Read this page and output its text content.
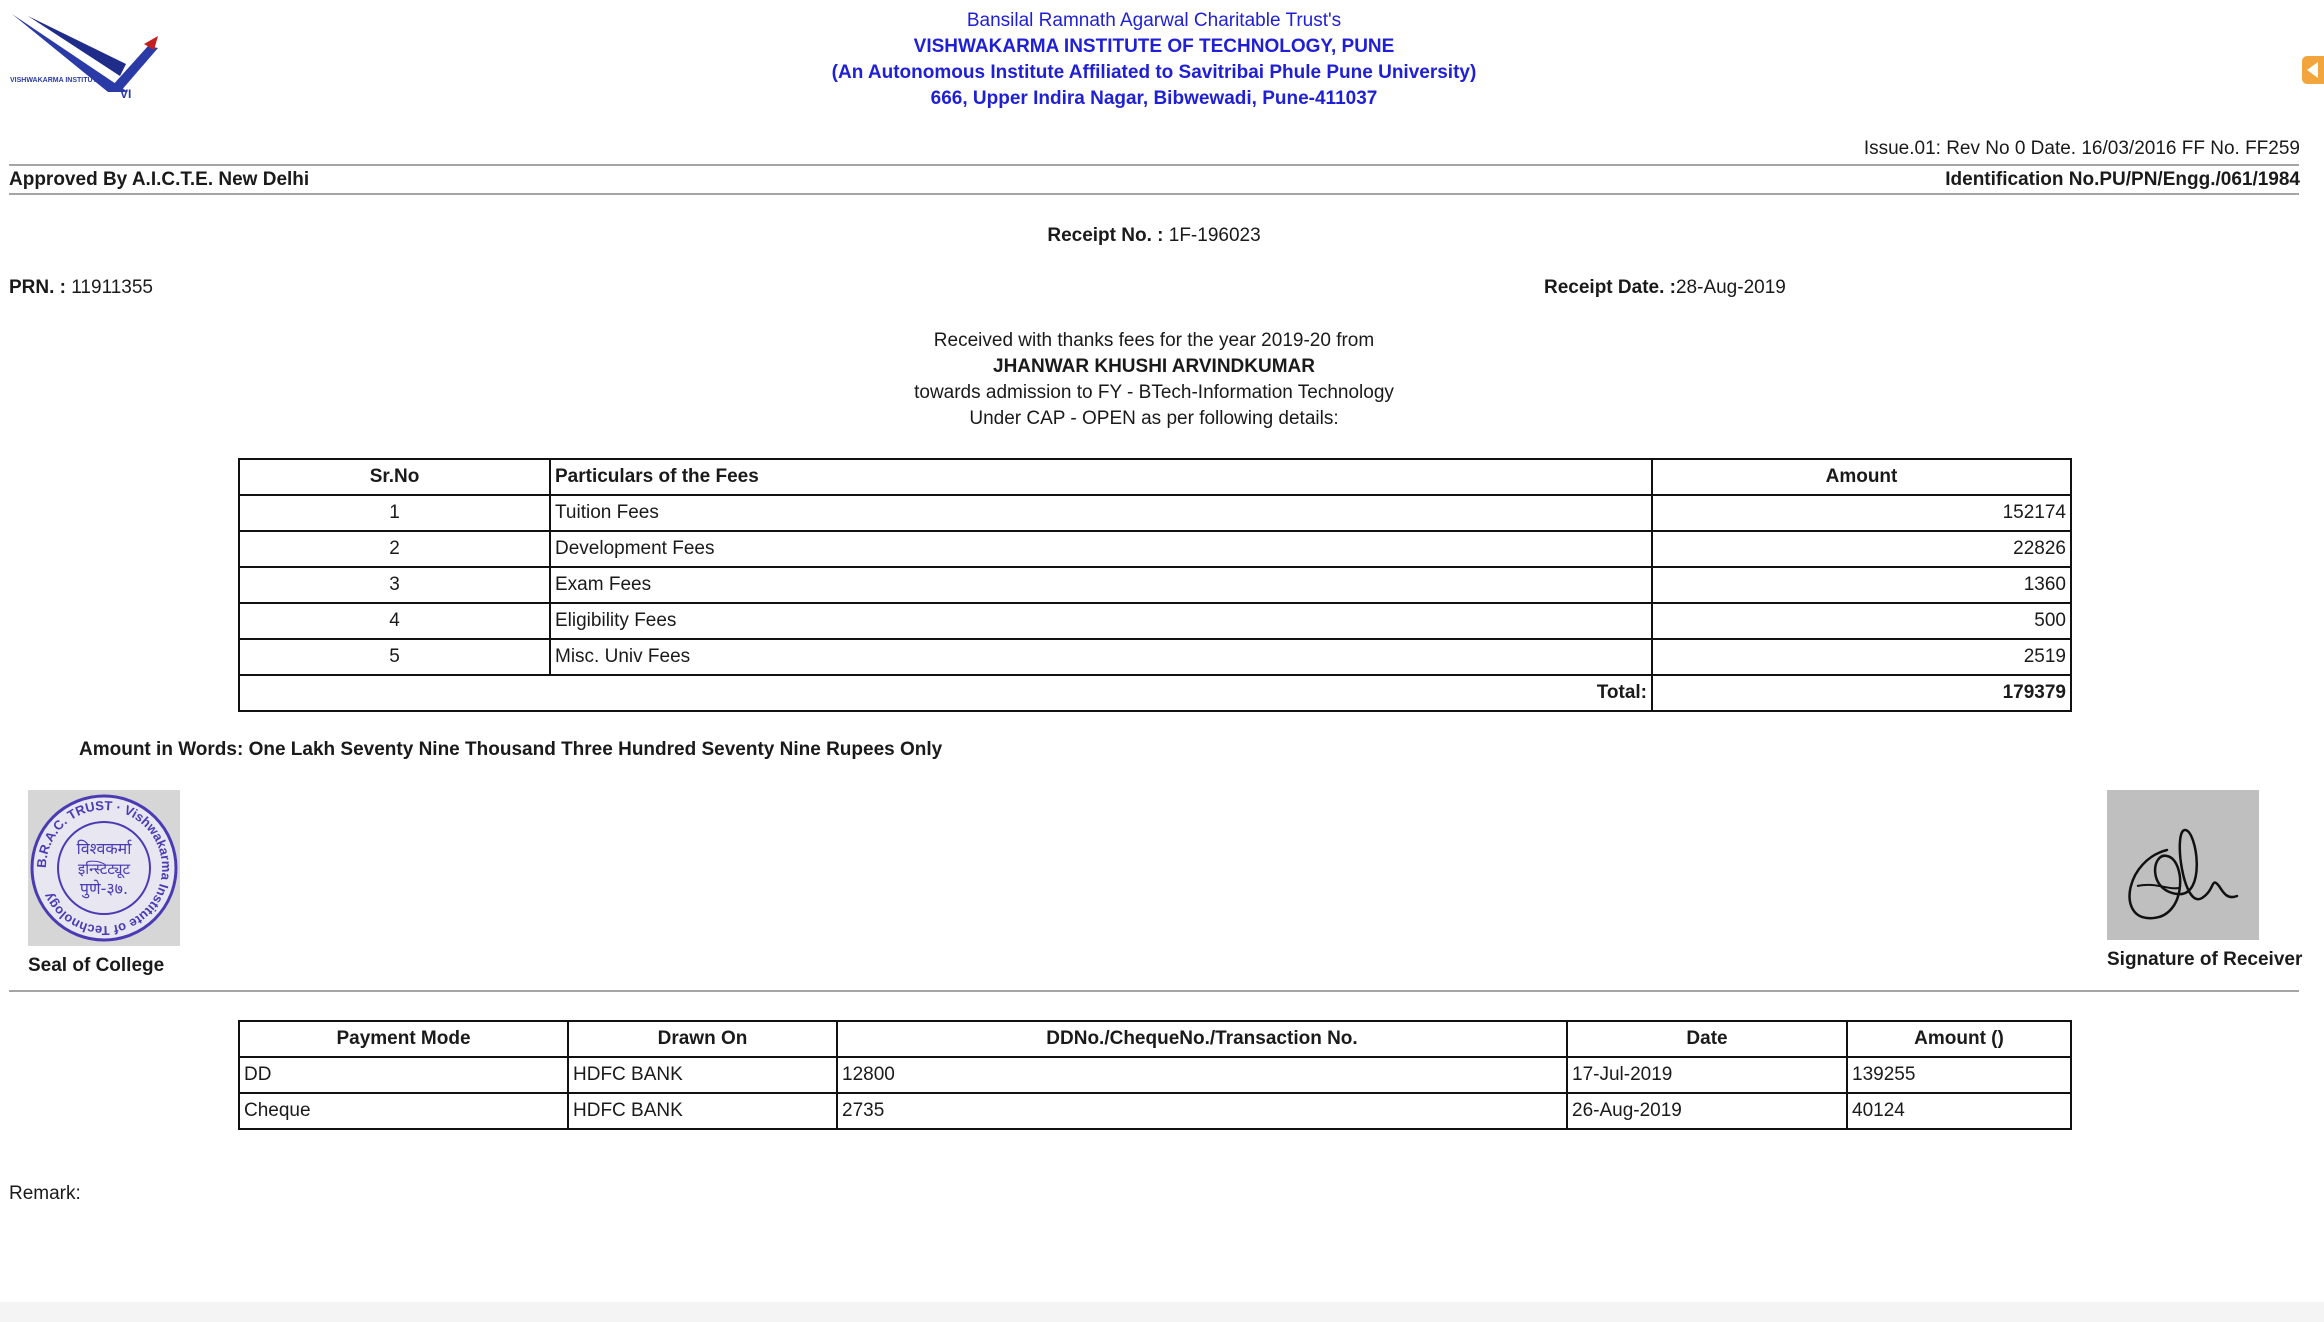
VISHWAKARMA INSTITUTES
VI
Bansilal Ramnath Agarwal Charitable Trust's
VISHWAKARMA INSTITUTE OF TECHNOLOGY, PUNE
(An Autonomous Institute Affiliated to Savitribai Phule Pune University)
666, Upper Indira Nagar, Bibwewadi, Pune-411037
Issue.01: Rev No 0 Date. 16/03/2016 FF No. FF259
Approved By A.I.C.T.E. New Delhi	Identification No.PU/PN/Engg./061/1984
Receipt No. : 1F-196023
PRN. : 11911355	Receipt Date. :28-Aug-2019
Received with thanks fees for the year 2019-20 from
JHANWAR KHUSHI ARVINDKUMAR
towards admission to FY - BTech-Information Technology
Under CAP - OPEN as per following details:
Sr.No	Particulars of the Fees	Amount
1	Tuition Fees	152174
2	Development Fees	22826
3	Exam Fees	1360
4	Eligibility Fees	500
5	Misc. Univ Fees	2519
Total:		179379
Amount in Words: One Lakh Seventy Nine Thousand Three Hundred Seventy Nine Rupees Only
B.R.A.C. TRUST · Vishwakarma Institute of Technology
विश्वकर्मा
इन्स्टिट्यूट
पुणे-३७.
Seal of College	Signature of Receiver
Payment Mode	Drawn On	DDNo./ChequeNo./Transaction No.	Date	Amount ()
DD	HDFC BANK	12800	17-Jul-2019	139255
Cheque	HDFC BANK	2735	26-Aug-2019	40124
Remark:
